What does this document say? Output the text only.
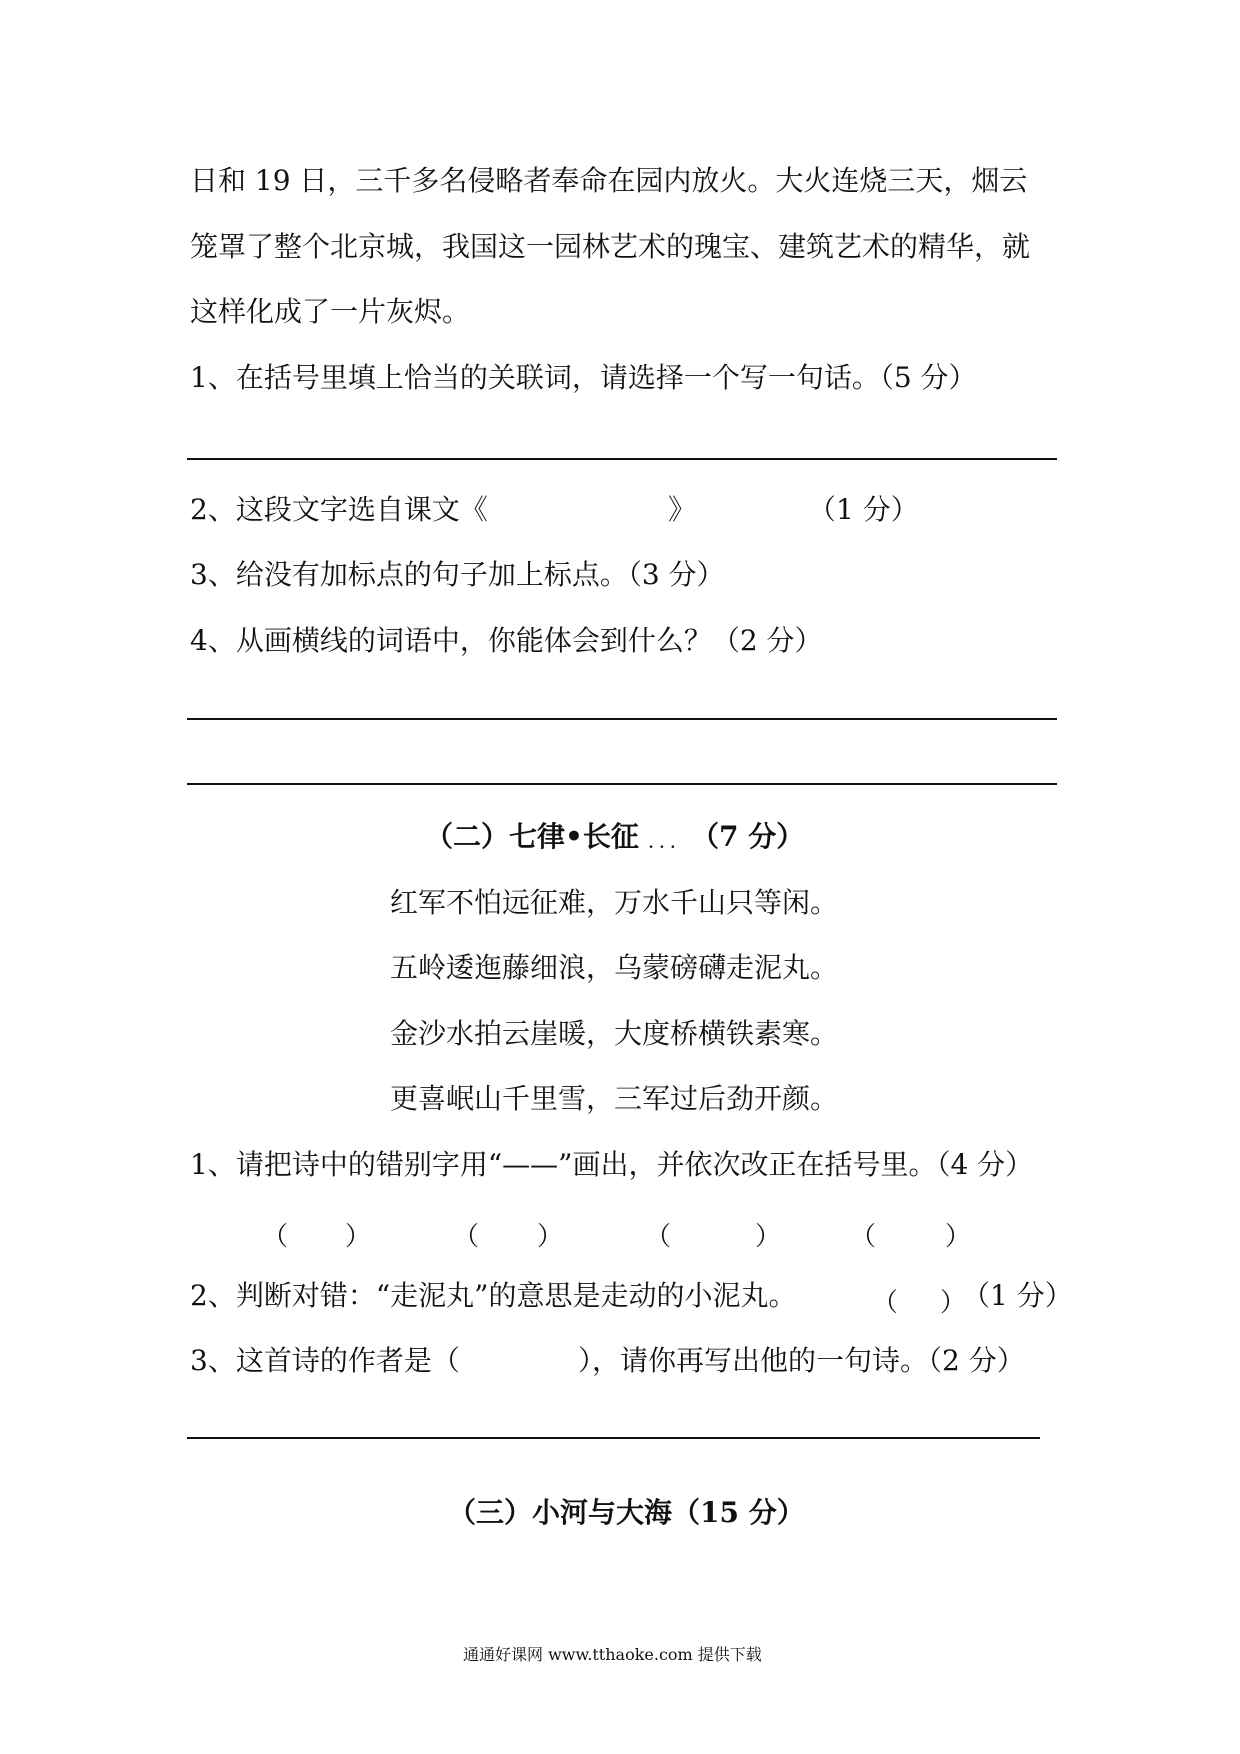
日和 19 日，三千多名侵略者奉命在园内放火。大火连烧三天，烟云
笼罩了整个北京城，我国这一园林艺术的瑰宝、建筑艺术的精华，就
这样化成了一片灰烬。
1、在括号里填上恰当的关联词，请选择一个写一句话。（5 分）
2、这段文字选自课文《	》	（1 分）
3、给没有加标点的句子加上标点。（3 分）
4、从画横线的词语中，你能体会到什么？（2 分）
（二）七律•长征 ... （7 分）
红军不怕远征难，万水千山只等闲。
五岭逶迤藤细浪，乌蒙磅礴走泥丸。
金沙水拍云崖暖，大度桥横铁素寒。
更喜岷山千里雪，三军过后劲开颜。
1、请把诗中的错别字用“——”画出，并依次改正在括号里。（4 分）
（ ）	（ ）	（	）	（	）
2、判断对错：“走泥丸”的意思是走动的小泥丸。	（ ）
（1 分）
3、这首诗的作者是（	），请你再写出他的一句诗。（2 分）
（三）小河与大海（15 分）
通通好课网 www.tthaoke.com 提供下载
